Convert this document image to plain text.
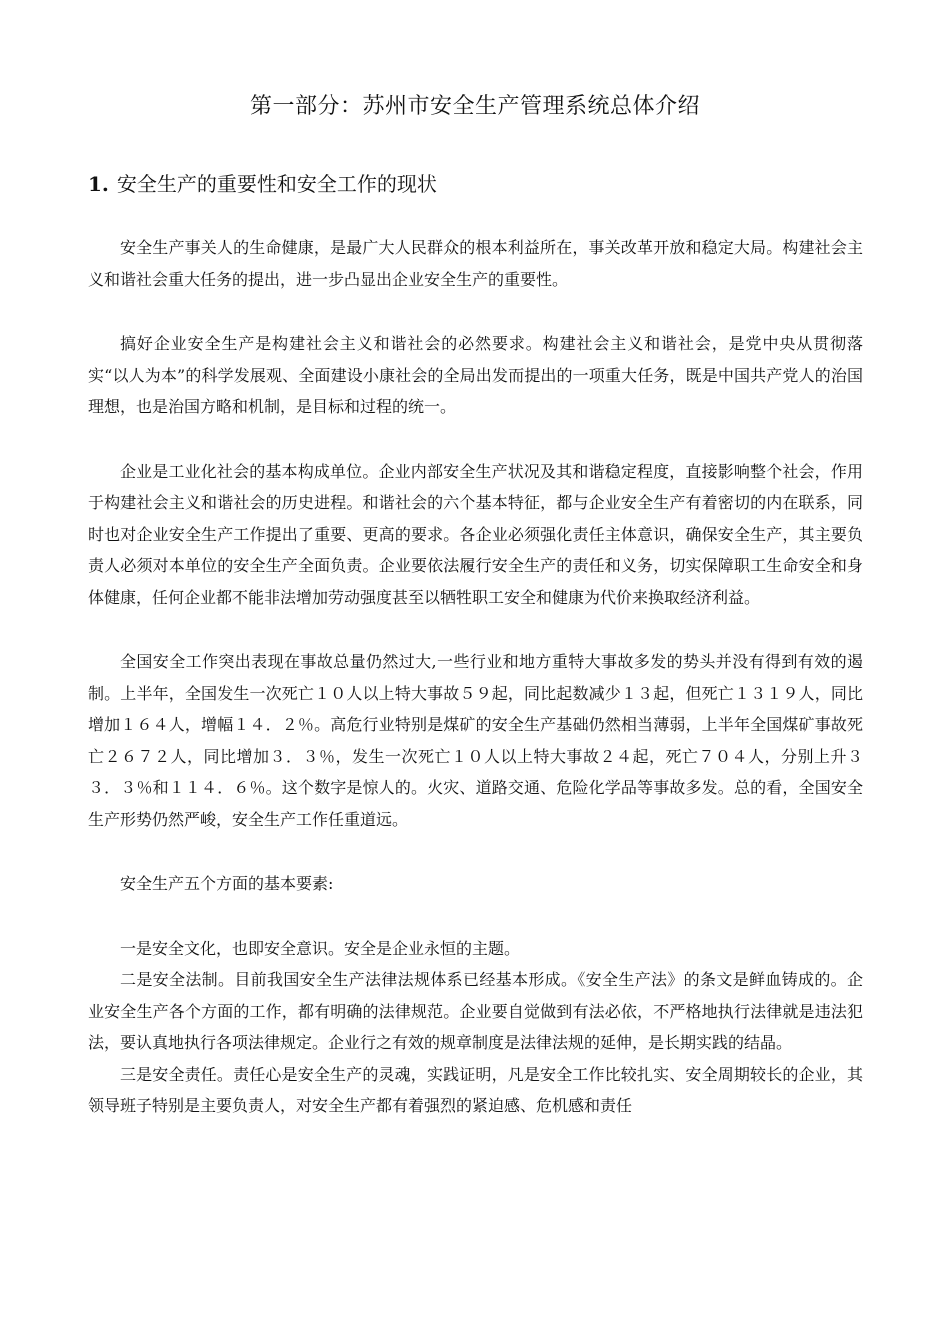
第一部分：苏州市安全生产管理系统总体介绍
1. 安全生产的重要性和安全工作的现状

安全生产事关人的生命健康，是最广大人民群众的根本利益所在，事关改革开放和稳定大局。构建社会主义和谐社会重大任务的提出，进一步凸显出企业安全生产的重要性。

搞好企业安全生产是构建社会主义和谐社会的必然要求。构建社会主义和谐社会，是党中央从贯彻落实“以人为本”的科学发展观、全面建设小康社会的全局出发而提出的一项重大任务，既是中国共产党人的治国理想，也是治国方略和机制，是目标和过程的统一。

企业是工业化社会的基本构成单位。企业内部安全生产状况及其和谐稳定程度，直接影响整个社会，作用于构建社会主义和谐社会的历史进程。和谐社会的六个基本特征，都与企业安全生产有着密切的内在联系，同时也对企业安全生产工作提出了重要、更高的要求。各企业必须强化责任主体意识，确保安全生产，其主要负责人必须对本单位的安全生产全面负责。企业要依法履行安全生产的责任和义务，切实保障职工生命安全和身体健康，任何企业都不能非法增加劳动强度甚至以牺牲职工安全和健康为代价来换取经济利益。

全国安全工作突出表现在事故总量仍然过大,一些行业和地方重特大事故多发的势头并没有得到有效的遏制。上半年，全国发生一次死亡１０人以上特大事故５９起，同比起数减少１３起，但死亡１３１９人，同比增加１６４人，增幅１４．２％。高危行业特别是煤矿的安全生产基础仍然相当薄弱，上半年全国煤矿事故死亡２６７２人，同比增加３．３％，发生一次死亡１０人以上特大事故２４起，死亡７０４人，分别上升３３．３％和１１４．６％。这个数字是惊人的。火灾、道路交通、危险化学品等事故多发。总的看，全国安全生产形势仍然严峻，安全生产工作任重道远。

安全生产五个方面的基本要素:

一是安全文化，也即安全意识。安全是企业永恒的主题。

二是安全法制。目前我国安全生产法律法规体系已经基本形成。《安全生产法》的条文是鲜血铸成的。企业安全生产各个方面的工作，都有明确的法律规范。企业要自觉做到有法必依，不严格地执行法律就是违法犯法，要认真地执行各项法律规定。企业行之有效的规章制度是法律法规的延伸，是长期实践的结晶。

三是安全责任。责任心是安全生产的灵魂，实践证明，凡是安全工作比较扎实、安全周期较长的企业，其领导班子特别是主要负责人，对安全生产都有着强烈的紧迫感、危机感和责任
